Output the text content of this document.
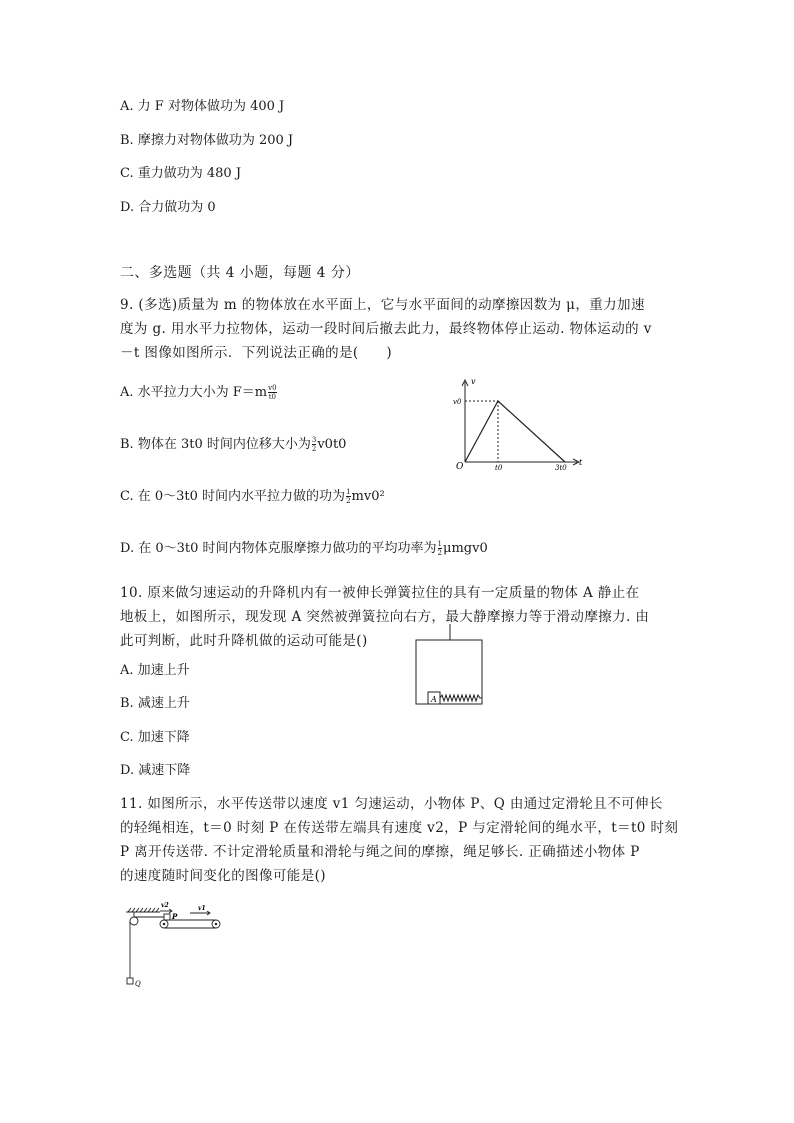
A. 力 F 对物体做功为 400 J
B. 摩擦力对物体做功为 200 J
C. 重力做功为 480 J
D. 合力做功为 0
二、多选题（共 4 小题，每题 4 分）
9. (多选)质量为 m 的物体放在水平面上，它与水平面间的动摩擦因数为 μ，重力加速
度为 g. 用水平力拉物体，运动一段时间后撤去此力，最终物体停止运动. 物体运动的 v
－t 图像如图所示．下列说法正确的是(　　)
A. 水平拉力大小为 $F=m \frac{v0}{t0}$
B. 物体在 3t0 时间内位移大小为 $\frac{3}{2} v0t0$
C. 在 0～3t0 时间内水平拉力做的功为 $\frac{1}{2} mv0^2$
D. 在 0～3t0 时间内物体克服摩擦力做功的平均功率为 $\frac{1}{2} \mu mgv0$
v
t
O
v0
t0	3t0
10. 原来做匀速运动的升降机内有一被伸长弹簧拉住的具有一定质量的物体 A 静止在
地板上，如图所示，现发现 A 突然被弹簧拉向右方，最大静摩擦力等于滑动摩擦力. 由
此可判断，此时升降机做的运动可能是()
A. 加速上升
B. 减速上升
C. 加速下降
D. 减速下降
A
11. 如图所示，水平传送带以速度 v1 匀速运动，小物体 P、Q 由通过定滑轮且不可伸长
的轻绳相连，t＝0 时刻 P 在传送带左端具有速度 v2，P 与定滑轮间的绳水平，t＝t0 时刻
P 离开传送带. 不计定滑轮质量和滑轮与绳之间的摩擦，绳足够长. 正确描述小物体 P
的速度随时间变化的图像可能是()
v2
P
v1
Q
